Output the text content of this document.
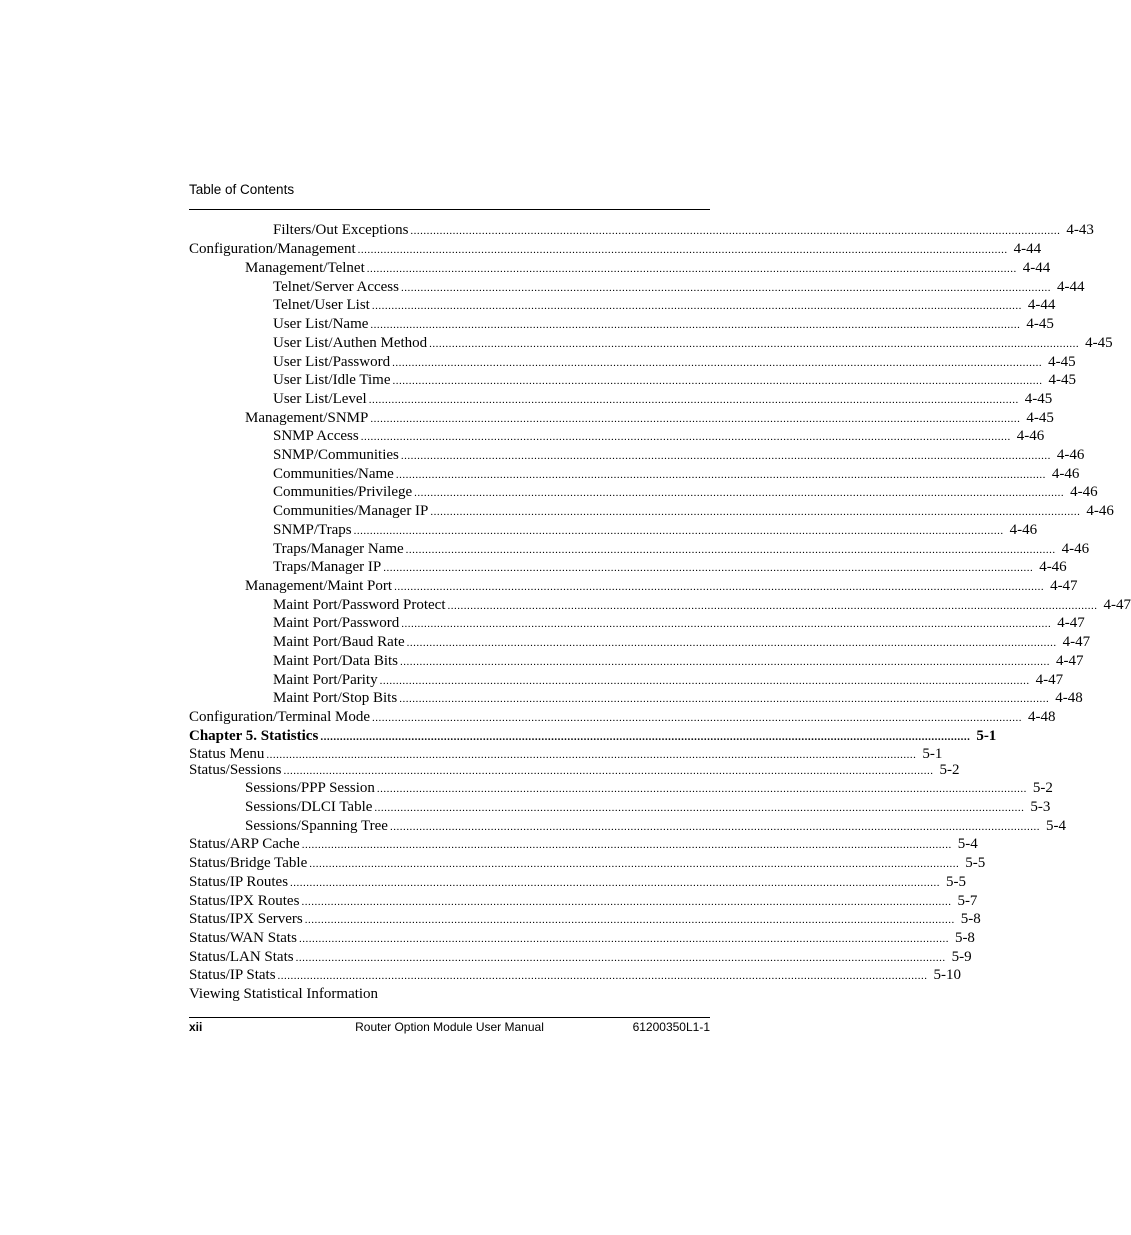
Table of Contents
Filters/Out Exceptions ........................................................................................................................................................................................................ 4-43
Configuration/Management ........................................................................................................................................................................................................ 4-44
Management/Telnet ........................................................................................................................................................................................................ 4-44
Telnet/Server Access ........................................................................................................................................................................................................ 4-44
Telnet/User List ........................................................................................................................................................................................................ 4-44
User List/Name ........................................................................................................................................................................................................ 4-45
User List/Authen Method ........................................................................................................................................................................................................ 4-45
User List/Password ........................................................................................................................................................................................................ 4-45
User List/Idle Time ........................................................................................................................................................................................................ 4-45
User List/Level ........................................................................................................................................................................................................ 4-45
Management/SNMP ........................................................................................................................................................................................................ 4-45
SNMP Access ........................................................................................................................................................................................................ 4-46
SNMP/Communities ........................................................................................................................................................................................................ 4-46
Communities/Name ........................................................................................................................................................................................................ 4-46
Communities/Privilege ........................................................................................................................................................................................................ 4-46
Communities/Manager IP ........................................................................................................................................................................................................ 4-46
SNMP/Traps ........................................................................................................................................................................................................ 4-46
Traps/Manager Name ........................................................................................................................................................................................................ 4-46
Traps/Manager IP ........................................................................................................................................................................................................ 4-46
Management/Maint Port ........................................................................................................................................................................................................ 4-47
Maint Port/Password Protect ........................................................................................................................................................................................................ 4-47
Maint Port/Password ........................................................................................................................................................................................................ 4-47
Maint Port/Baud Rate ........................................................................................................................................................................................................ 4-47
Maint Port/Data Bits ........................................................................................................................................................................................................ 4-47
Maint Port/Parity ........................................................................................................................................................................................................ 4-47
Maint Port/Stop Bits ........................................................................................................................................................................................................ 4-48
Configuration/Terminal Mode ........................................................................................................................................................................................................ 4-48
Chapter 5. Statistics ........................................................................................................................................................................................................ 5-1
Status Menu ........................................................................................................................................................................................................ 5-1
Status/Sessions ........................................................................................................................................................................................................ 5-2
Sessions/PPP Session ........................................................................................................................................................................................................ 5-2
Sessions/DLCI Table ........................................................................................................................................................................................................ 5-3
Sessions/Spanning Tree ........................................................................................................................................................................................................ 5-4
Status/ARP Cache ........................................................................................................................................................................................................ 5-4
Status/Bridge Table ........................................................................................................................................................................................................ 5-5
Status/IP Routes ........................................................................................................................................................................................................ 5-5
Status/IPX Routes ........................................................................................................................................................................................................ 5-7
Status/IPX Servers ........................................................................................................................................................................................................ 5-8
Status/WAN Stats ........................................................................................................................................................................................................ 5-8
Status/LAN Stats ........................................................................................................................................................................................................ 5-9
Status/IP Stats ........................................................................................................................................................................................................ 5-10
Viewing Statistical Information
xii	Router Option Module User Manual	61200350L1-1
